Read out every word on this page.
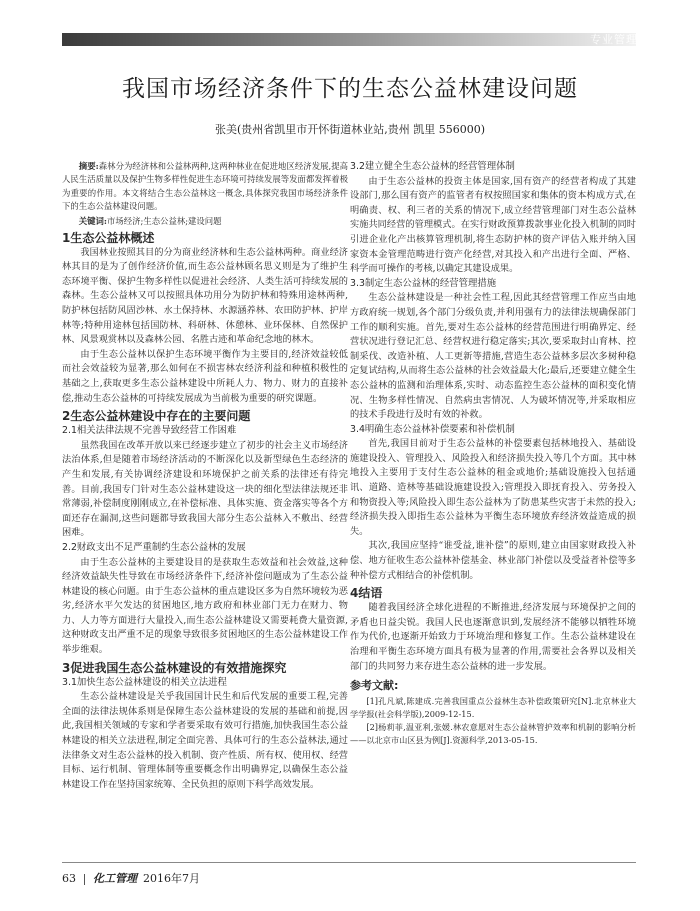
专业管理
我国市场经济条件下的生态公益林建设问题
张美(贵州省凯里市开怀街道林业站,贵州 凯里 556000)

摘要:森林分为经济林和公益林两种,这两种林业在促进地区经济发展,提高人民生活质量以及保护生物多样性促进生态环境可持续发展等发面都发挥着极为重要的作用。本文将结合生态公益林这一概念,具体探究我国市场经济条件下的生态公益林建设问题。

关键词:市场经济;生态公益林;建设问题

1生态公益林概述

我国林业按照其目的分为商业经济林和生态公益林两种。商业经济林其目的是为了创作经济价值,而生态公益林顾名思义则是为了维护生态环境平衡、保护生物多样性以促进社会经济、人类生活可持续发展的森林。生态公益林又可以按照具体功用分为防护林和特殊用途林两种,防护林包括防风固沙林、水土保持林、水源涵养林、农田防护林、护岸林等;特种用途林包括国防林、科研林、休憩林、业环保林、自然保护林、风景观赏林以及森林公园、名胜古迹和革命纪念地的林木。

由于生态公益林以保护生态环境平衡作为主要目的,经济效益较低而社会效益较为显著,那么如何在不损害林农经济利益和种植积极性的基础之上,获取更多生态公益林建设中所耗人力、物力、财力的直接补偿,推动生态公益林的可持续发展成为当前极为重要的研究课题。

2生态公益林建设中存在的主要问题
2.1相关法律法规不完善导致经营工作困难

虽然我国在改革开放以来已经逐步建立了初步的社会主义市场经济法治体系,但是随着市场经济活动的不断深化以及新型绿色生态经济的产生和发展,有关协调经济建设和环境保护之前关系的法律还有待完善。目前,我国专门针对生态公益林建设这一块的细化型法律法规还非常薄弱,补偿制度刚刚成立,在补偿标准、具体实施、资金落实等各个方面还存在漏洞,这些问题都导致我国大部分生态公益林入不敷出、经营困难。

2.2财政支出不足严重制约生态公益林的发展

由于生态公益林的主要建设目的是获取生态效益和社会效益,这种经济效益缺失性导致在市场经济条件下,经济补偿问题成为了生态公益林建设的核心问题。由于生态公益林的重点建设区多为自然环境较为恶劣,经济水平欠发达的贫困地区,地方政府和林业部门无力在财力、物力、人力等方面进行大量投入,而生态公益林建设又需要耗费大量资源,这种财政支出严重不足的现象导致很多贫困地区的生态公益林建设工作举步维艰。

3促进我国生态公益林建设的有效措施探究
3.1加快生态公益林建设的相关立法进程

生态公益林建设是关乎我国国计民生和后代发展的重要工程,完善全面的法律法规体系则是保障生态公益林建设的发展的基础和前提,因此,我国相关领域的专家和学者要采取有效可行措施,加快我国生态公益林建设的相关立法进程,制定全面完善、具体可行的生态公益林法,通过法律条文对生态公益林的投入机制、资产性质、所有权、使用权、经营目标、运行机制、管理体制等重要概念作出明确界定,以确保生态公益林建设工作在坚持国家统筹、全民负担的原则下科学高效发展。

3.2建立健全生态公益林的经营管理体制

由于生态公益林的投资主体是国家,国有资产的经营者构成了其建设部门,那么国有资产的监管者有权按照国家和集体的资本构成方式,在明确责、权、利三者的关系的情况下,成立经营管理部门对生态公益林实施共同经营的管理模式。在实行财政预算拨款事业化投入机制的同时引进企业化产出核算管理机制,将生态防护林的资产评估入账并纳入国家资本金管理范畴进行资产化经营,对其投入和产出进行全面、严格、科学而可操作的考核,以确定其建设成果。

3.3制定生态公益林的经营管理措施

生态公益林建设是一种社会性工程,因此其经营管理工作应当由地方政府统一规划,各个部门分级负责,并利用强有力的法律法规确保部门工作的顺利实施。首先,要对生态公益林的经营范围进行明确界定、经营状况进行登记汇总、经营权进行稳定落实;其次,要采取封山育林、控制采伐、改造补植、人工更新等措施,营造生态公益林多层次多树种稳定复试结构,从而将生态公益林的社会效益最大化;最后,还要建立健全生态公益林的监测和治理体系,实时、动态监控生态公益林的面积变化情况、生物多样性情况、自然病虫害情况、人为破坏情况等,并采取相应的技术手段进行及时有效的补救。

3.4明确生态公益林补偿要素和补偿机制

首先,我国目前对于生态公益林的补偿要素包括林地投入、基础设施建设投入、管理投入、风险投入和经济损失投入等几个方面。其中林地投入主要用于支付生态公益林的租金或地价;基础设施投入包括通讯、道路、造林等基础设施建设投入;管理投入即抚育投入、劳务投入和物资投入等;风险投入即生态公益林为了防患某些灾害于未然的投入;经济损失投入即指生态公益林为平衡生态环境放弃经济效益造成的损失。

其次,我国应坚持“谁受益,谁补偿”的原则,建立由国家财政投入补偿、地方征收生态公益林补偿基金、林业部门补偿以及受益者补偿等多种补偿方式相结合的补偿机制。

4结语

随着我国经济全球化进程的不断推进,经济发展与环境保护之间的矛盾也日益尖锐。我国人民也逐渐意识到,发展经济不能够以牺牲环境作为代价,也逐渐开始致力于环境治理和修复工作。生态公益林建设在治理和平衡生态环境方面具有极为显著的作用,需要社会各界以及相关部门的共同努力来存进生态公益林的进一步发展。

参考文献:

[1]孔凡斌,陈建成.完善我国重点公益林生态补偿政策研究[N].北京林业大学学报(社会科学版),2009-12-15.

[2]杨莉菲,温亚利,张媛.林农意愿对生态公益林管护效率和机制的影响分析——以北京市山区县为例[J].资源科学,2013-05-15.

63 化工管理 2016年7月
